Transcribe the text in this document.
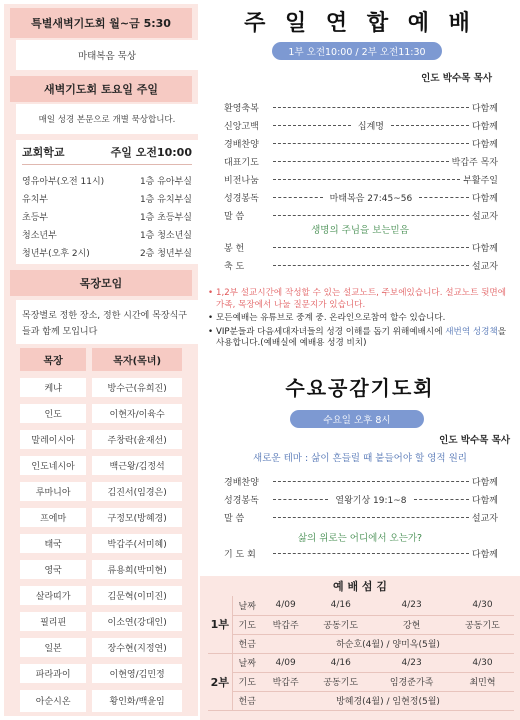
특별새벽기도회 월~금 5:30
마태복음 묵상
새벽기도회 토요일 주일
매일 성경 본문으로 개별 묵상합니다.
교회학교	주일 오전10:00
영유아부(오전 11시)	1층 유아부실
유치부	1층 유치부실
초등부	1층 초등부실
청소년부	1층 청소년실
청년부(오후 2시)	2층 청년부실
목장모임
목장별로 정한 장소, 정한 시간에 목장식구들과 함께 모입니다
목장	목자(목녀)
케냐	방수근(유희진)
인도	이현자/이육수
말레이시아	주창락(윤재선)
인도네시아	백근왕/김정석
루마니아	김진서(임경은)
프에마	구정모(방혜경)
태국	박갑주(서미혜)
영국	류용희(박미현)
살라띠가	김문혁(이미진)
필리핀	이소연(강대인)
일본	장수현(지정연)
파라과이	이현영/김민정
아순시온	황인화/백윤임
주 일 연 합 예 배
1부 오전10:00 / 2부 오전11:30
인도 박수목 목사
환영축복	다함께
신앙고백	십계명	다함께
경배찬양	다함께
대표기도	박갑주 목자
비전나눔	부활주일
성경봉독	마태복음 27:45~56	다함께
말 씀	설교자
봉 헌	다함께
축 도	설교자
생명의 주님을 보는믿음
• 1,2부 설교시간에 작성할 수 있는 설교노트, 주보에있습니다. 설교노트 뒷면에 가족, 목장에서 나눌 질문지가 있습니다.
• 모든예배는 유튜브로 중계 중. 온라인으로참여 할수 있습니다.
• VIP분들과 다음세대자녀들의 성경 이해를 돕기 위해예배시에 새번역 성경책을 사용합니다.(예배실에 예배용 성경 비치)
수요공감기도회
수요일 오후 8시
인도 박수목 목사
새로운 테마 : 삶이 흔들릴 때 붙들어야 할 영적 원리
경배찬양	다함께
성경봉독	열왕기상 19:1~8	다함께
말 씀	설교자
기 도 회	다함께
삶의 위로는 어디에서 오는가?
예 배 섬 김
1부	날짜	4/09	4/16	4/23	4/30
	기도	박갑주	공동기도	강현	공동기도
	헌금	하순호(4월) / 양미옥(5월)			
2부	날짜	4/09	4/16	4/23	4/30
	기도	박갑주	공동기도	임경준가족	최민혁
	헌금	방혜경(4월) / 임현정(5월)			
